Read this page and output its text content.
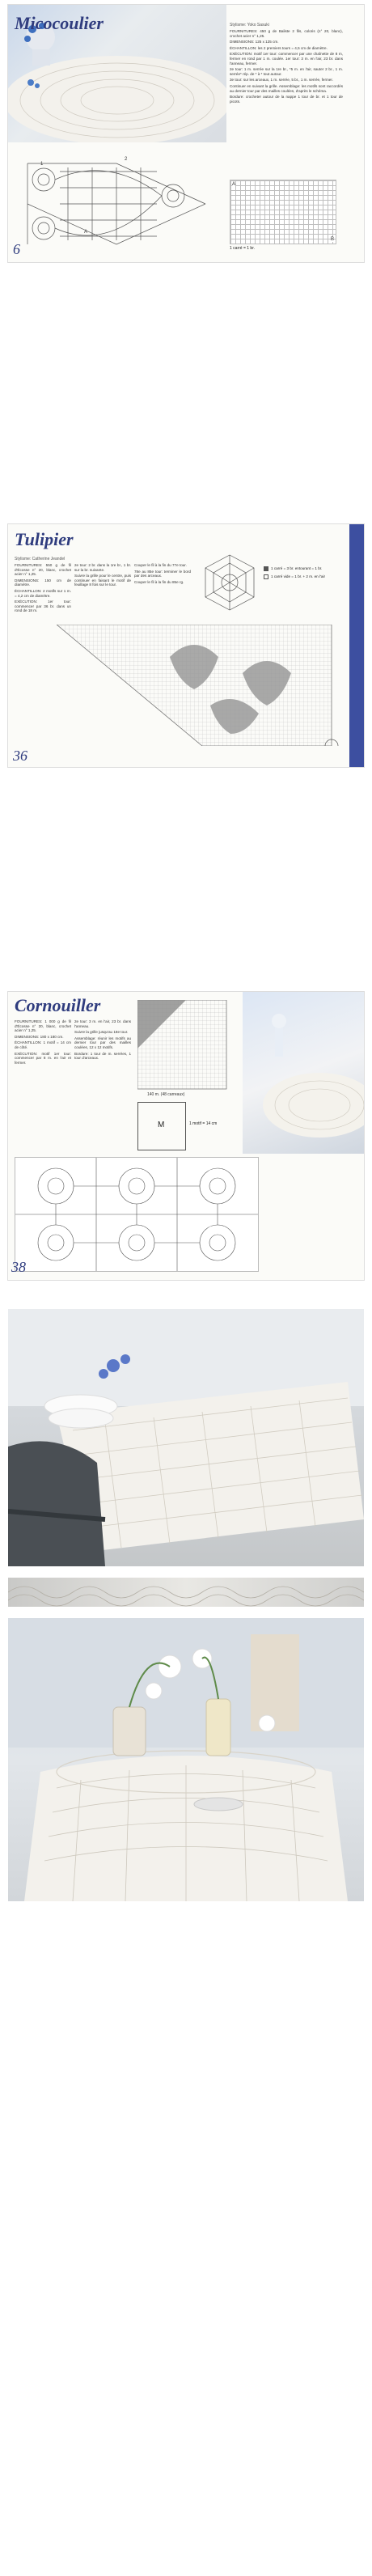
Micocoulier	Stylisme: Yoko Sasuki

FOURNITURES: 450 g de Baliste 2 fils, coloris (n° 20, blanc), crochet acier n° 1,25.

DIMENSIONS: 125 x 125 cm.

ÉCHANTILLON: les 2 premiers tours = 4,5 cm de diamètre.

EXÉCUTION: motif 1er tour: commencer par une chaînette de 8 m, fermer en rond par 1 m. coulée. 1er tour: 3 m. en l'air, 23 br. dans l'anneau, fermer.

2e tour: 1 m. serrée sur la 1re br., *5 m. en l'air, sauter 2 br., 1 m. serrée* rép. de * à * tout autour.

3e tour: sur les arceaux, 1 m. serrée, 5 br., 1 m. serrée, fermer.

Continuer en suivant la grille. Assemblage: les motifs sont raccordés au dernier tour par des mailles coulées, d'après le schéma.

Bordure: crocheter autour de la nappe 1 tour de br. et 1 tour de picots.

A
B
1 carré = 1 br.
1
2
A
6
Tulipier
Stylisme: Catherine Jeandel

FOURNITURES: 550 g de fil d'Écosse n° 20, blanc, crochet acier n° 1,25.

DIMENSIONS: 150 cm de diamètre.

ÉCHANTILLON: 2 motifs sur 1 m. = 4,2 cm de diamètre.

EXÉCUTION: 1er tour: commencer par 36 br. dans un rond de 18 m.

2e tour: 2 br. dans la 1re br., 1 br. sur la br. suivante.

Suivre la grille pour le centre, puis continuer en faisant le motif de feuillage 8 fois sur le tour.

Couper le fil à la fin du 77e tour.

78e au 85e tour: terminer le bord par des arceaux.

Couper le fil à la fin du 85e rg.

1 carré = 3 br. entourant = 1 br.
1 carré vide = 1 br. + 2 m. en l'air
36
Cornouiller

FOURNITURES: 1 000 g de fil d'Écosse n° 20, blanc, crochet acier n° 1,25.

DIMENSIONS: 180 x 180 cm.

ÉCHANTILLON: 1 motif = 14 cm de côté.

EXÉCUTION: motif 1er tour: commencer par 8 m. en l'air et fermer.

2e tour: 3 m. en l'air, 23 br. dans l'anneau.

Suivre la grille jusqu'au 18e tour.

Assemblage: réunir les motifs au dernier tour par des mailles coulées, 12 x 12 motifs.

Bordure: 1 tour de m. serrées, 1 tour d'arceaux.

140 m. (48 carreaux)
M	1 motif = 14 cm
38
